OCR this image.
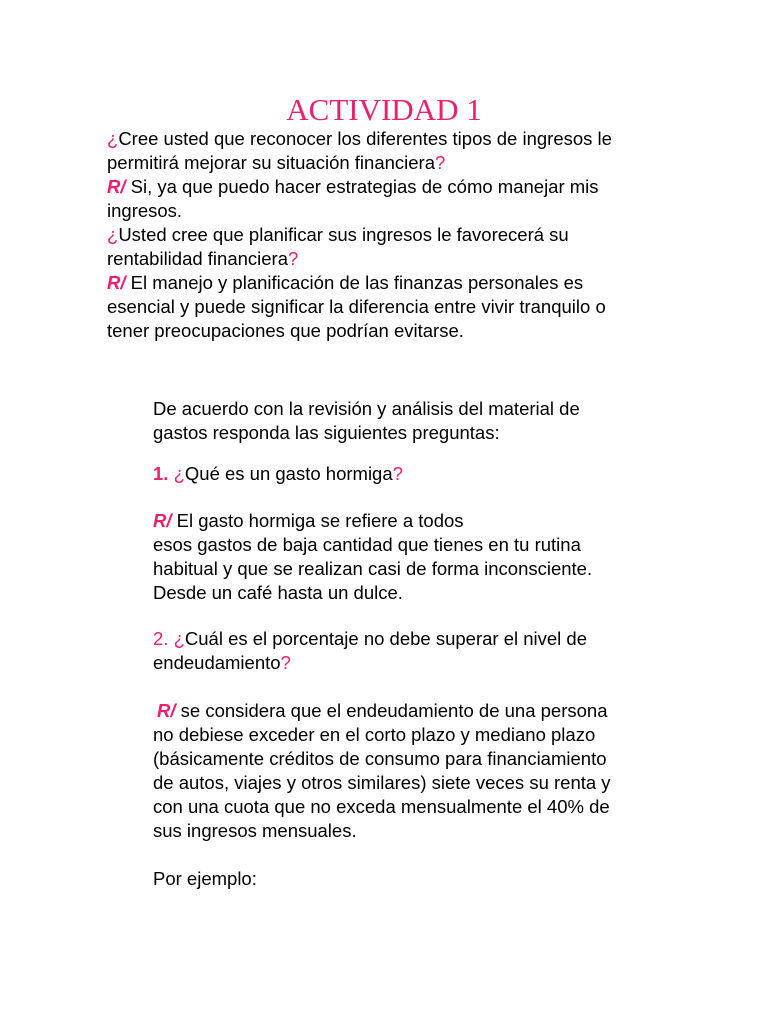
ACTIVIDAD 1
¿Cree usted que reconocer los diferentes tipos de ingresos le
permitirá mejorar su situación financiera?
R/ Si, ya que puedo hacer estrategias de cómo manejar mis
ingresos.
¿Usted cree que planificar sus ingresos le favorecerá su
rentabilidad financiera?
R/ El manejo y planificación de las finanzas personales es
esencial y puede significar la diferencia entre vivir tranquilo o
tener preocupaciones que podrían evitarse.
De acuerdo con la revisión y análisis del material de
gastos responda las siguientes preguntas:
1. ¿Qué es un gasto hormiga?
R/ El gasto hormiga se refiere a todos
esos gastos de baja cantidad que tienes en tu rutina
habitual y que se realizan casi de forma inconsciente.
Desde un café hasta un dulce.
2. ¿Cuál es el porcentaje no debe superar el nivel de
endeudamiento?
R/ se considera que el endeudamiento de una persona
no debiese exceder en el corto plazo y mediano plazo
(básicamente créditos de consumo para financiamiento
de autos, viajes y otros similares) siete veces su renta y
con una cuota que no exceda mensualmente el 40% de
sus ingresos mensuales.
Por ejemplo:
